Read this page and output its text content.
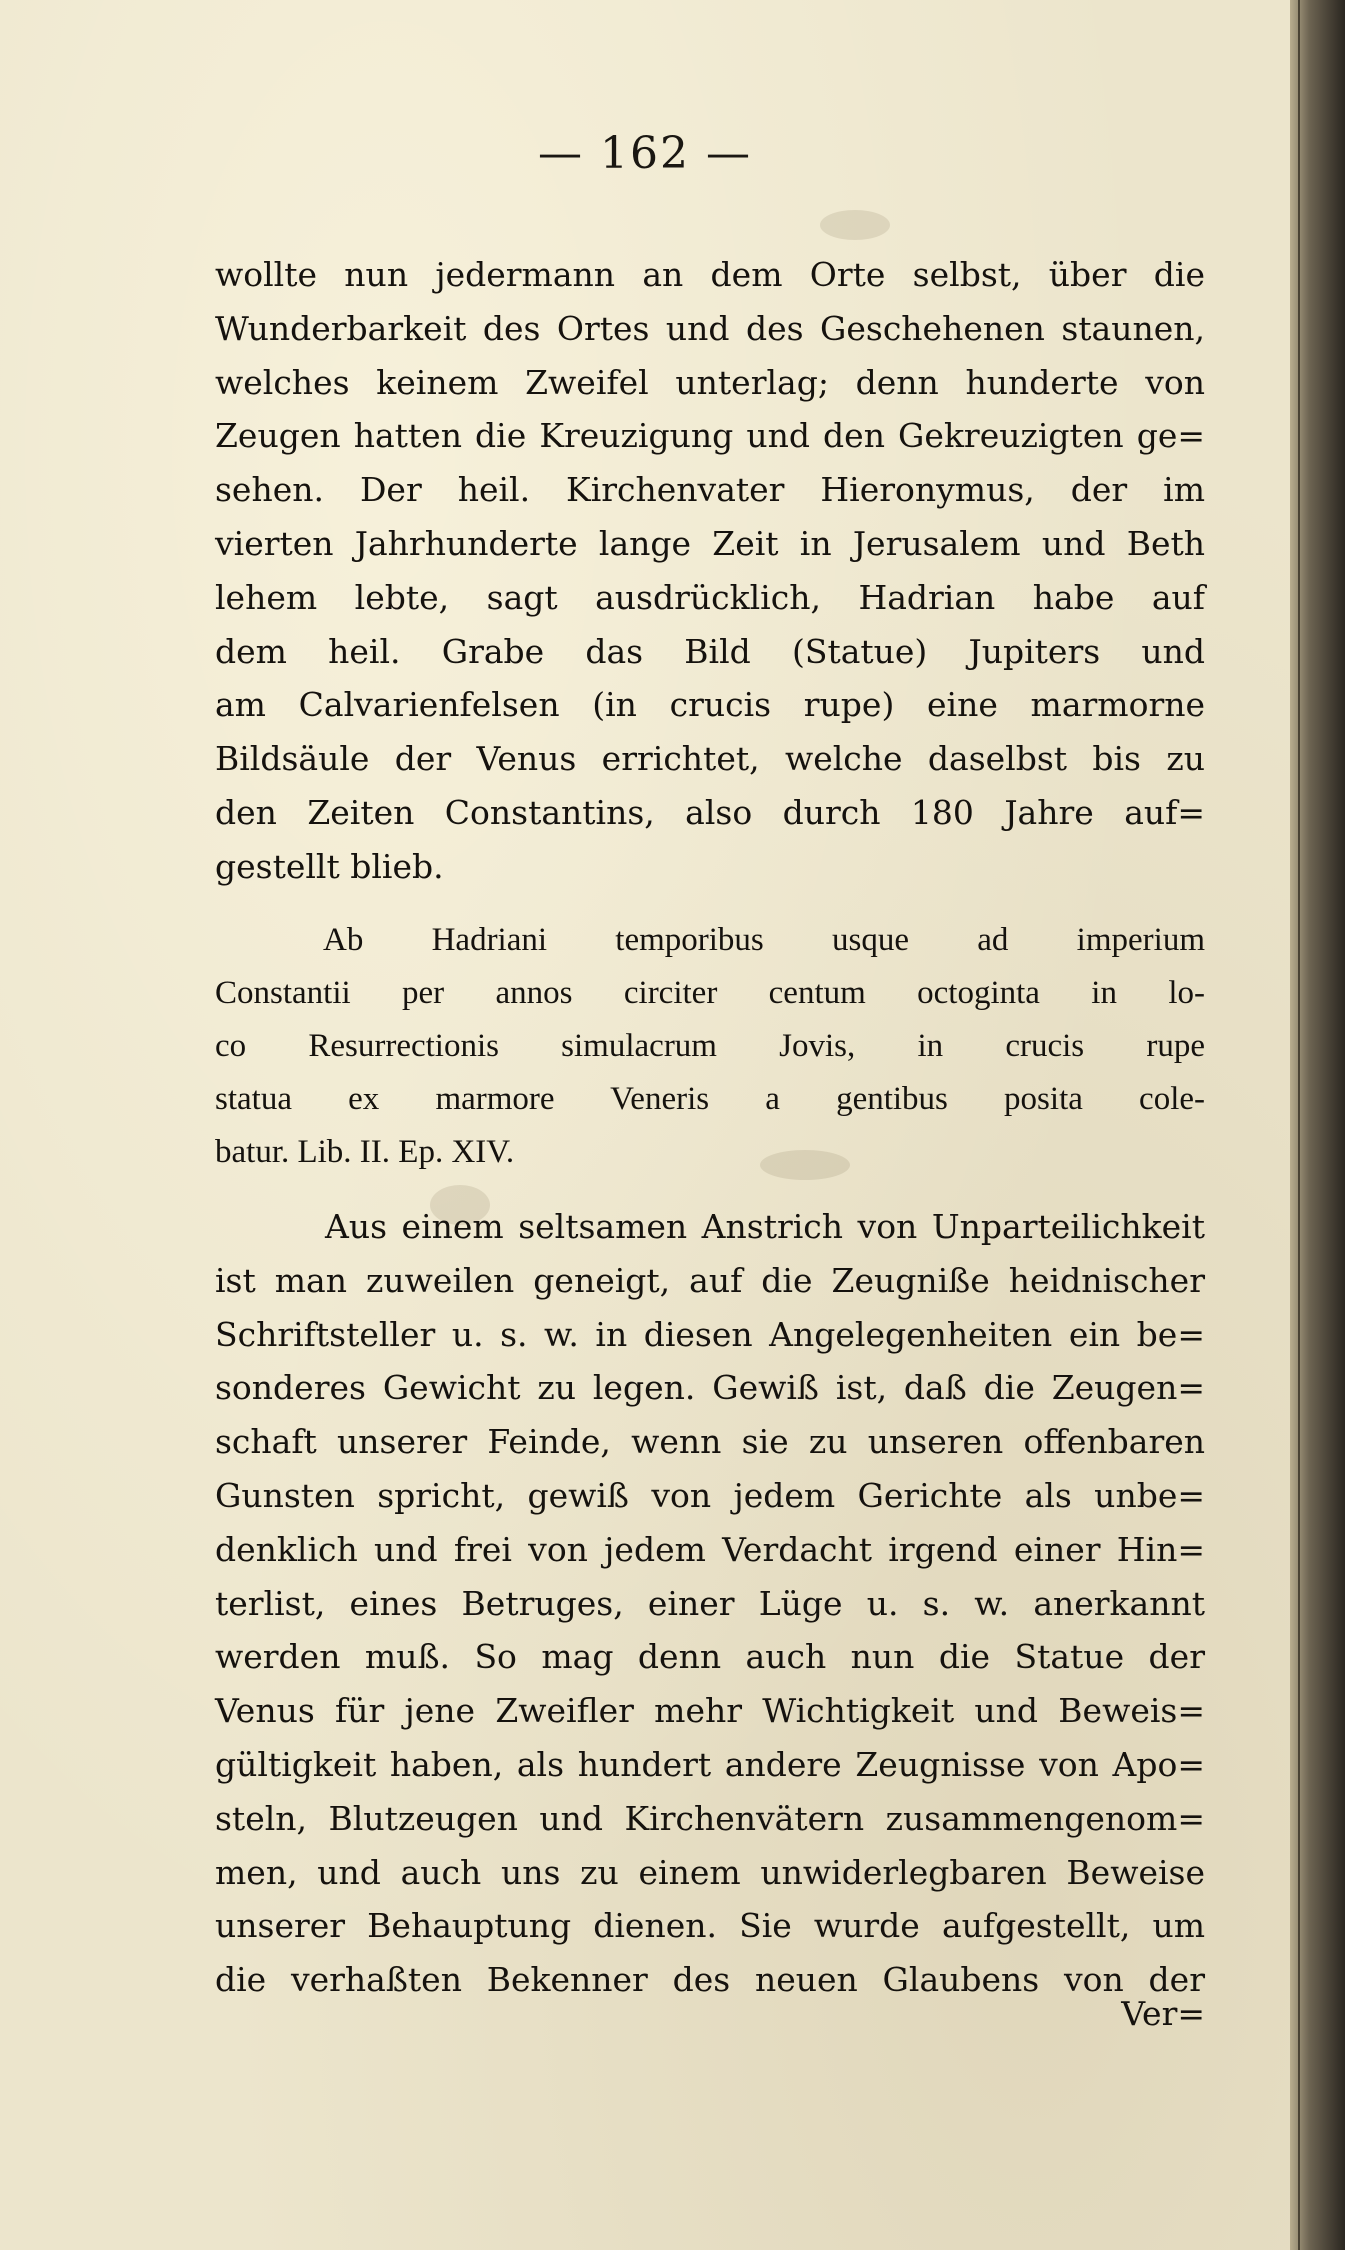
— 162 —
wollte nun jedermann an dem Orte selbst, über die
Wunderbarkeit des Ortes und des Geschehenen staunen,
welches keinem Zweifel unterlag; denn hunderte von
Zeugen hatten die Kreuzigung und den Gekreuzigten ge=
sehen. Der heil. Kirchenvater Hieronymus, der im
vierten Jahrhunderte lange Zeit in Jerusalem und Beth
lehem lebte, sagt ausdrücklich, Hadrian habe auf
dem heil. Grabe das Bild (Statue) Jupiters und
am Calvarienfelsen (in crucis rupe) eine marmorne
Bildsäule der Venus errichtet, welche daselbst bis zu
den Zeiten Constantins, also durch 180 Jahre auf=
gestellt blieb.
Ab Hadriani temporibus usque ad imperium
Constantii per annos circiter centum octoginta in lo-
co Resurrectionis simulacrum Jovis, in crucis rupe
statua ex marmore Veneris a gentibus posita cole-
batur. Lib. II. Ep. XIV.
Aus einem seltsamen Anstrich von Unparteilichkeit
ist man zuweilen geneigt, auf die Zeugniße heidnischer
Schriftsteller u. s. w. in diesen Angelegenheiten ein be=
sonderes Gewicht zu legen. Gewiß ist, daß die Zeugen=
schaft unserer Feinde, wenn sie zu unseren offenbaren
Gunsten spricht, gewiß von jedem Gerichte als unbe=
denklich und frei von jedem Verdacht irgend einer Hin=
terlist, eines Betruges, einer Lüge u. s. w. anerkannt
werden muß. So mag denn auch nun die Statue der
Venus für jene Zweifler mehr Wichtigkeit und Beweis=
gültigkeit haben, als hundert andere Zeugnisse von Apo=
steln, Blutzeugen und Kirchenvätern zusammengenom=
men, und auch uns zu einem unwiderlegbaren Beweise
unserer Behauptung dienen. Sie wurde aufgestellt, um
die verhaßten Bekenner des neuen Glaubens von der
Ver=
